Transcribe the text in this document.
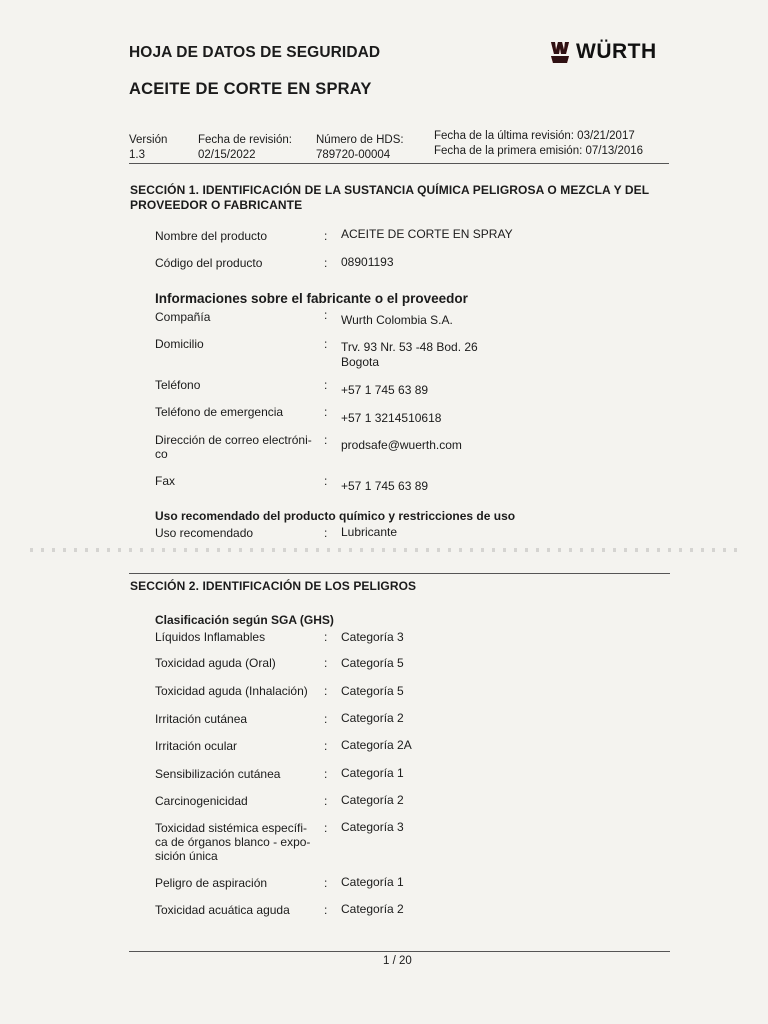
HOJA DE DATOS DE SEGURIDAD
ACEITE DE CORTE EN SPRAY
WÜRTH
Versión
1.3
Fecha de revisión:
02/15/2022
Número de HDS:
789720-00004
Fecha de la última revisión: 03/21/2017
Fecha de la primera emisión: 07/13/2016
SECCIÓN 1. IDENTIFICACIÓN DE LA SUSTANCIA QUÍMICA PELIGROSA O MEZCLA Y DEL
PROVEEDOR O FABRICANTE
Nombre del producto	: ACEITE DE CORTE EN SPRAY
Código del producto	: 08901193
Informaciones sobre el fabricante o el proveedor
Compañía	: Wurth Colombia S.A.
Domicilio	: Trv. 93 Nr. 53 -48 Bod. 26
Bogota
Teléfono	: +57 1 745 63 89
Teléfono de emergencia	: +57 1 3214510618
Dirección de correo electróni-
co
: prodsafe@wuerth.com
Fax	: +57 1 745 63 89
Uso recomendado del producto químico y restricciones de uso
Uso recomendado	: Lubricante
SECCIÓN 2. IDENTIFICACIÓN DE LOS PELIGROS
Clasificación según SGA (GHS)
Líquidos Inflamables	: Categoría 3
Toxicidad aguda (Oral)	: Categoría 5
Toxicidad aguda (Inhalación) : Categoría 5
Irritación cutánea	: Categoría 2
Irritación ocular	: Categoría 2A
Sensibilización cutánea	: Categoría 1
Carcinogenicidad	: Categoría 2
Toxicidad sistémica específi-
ca de órganos blanco - expo-
sición única
: Categoría 3
Peligro de aspiración	: Categoría 1
Toxicidad acuática aguda	: Categoría 2
1 / 20
